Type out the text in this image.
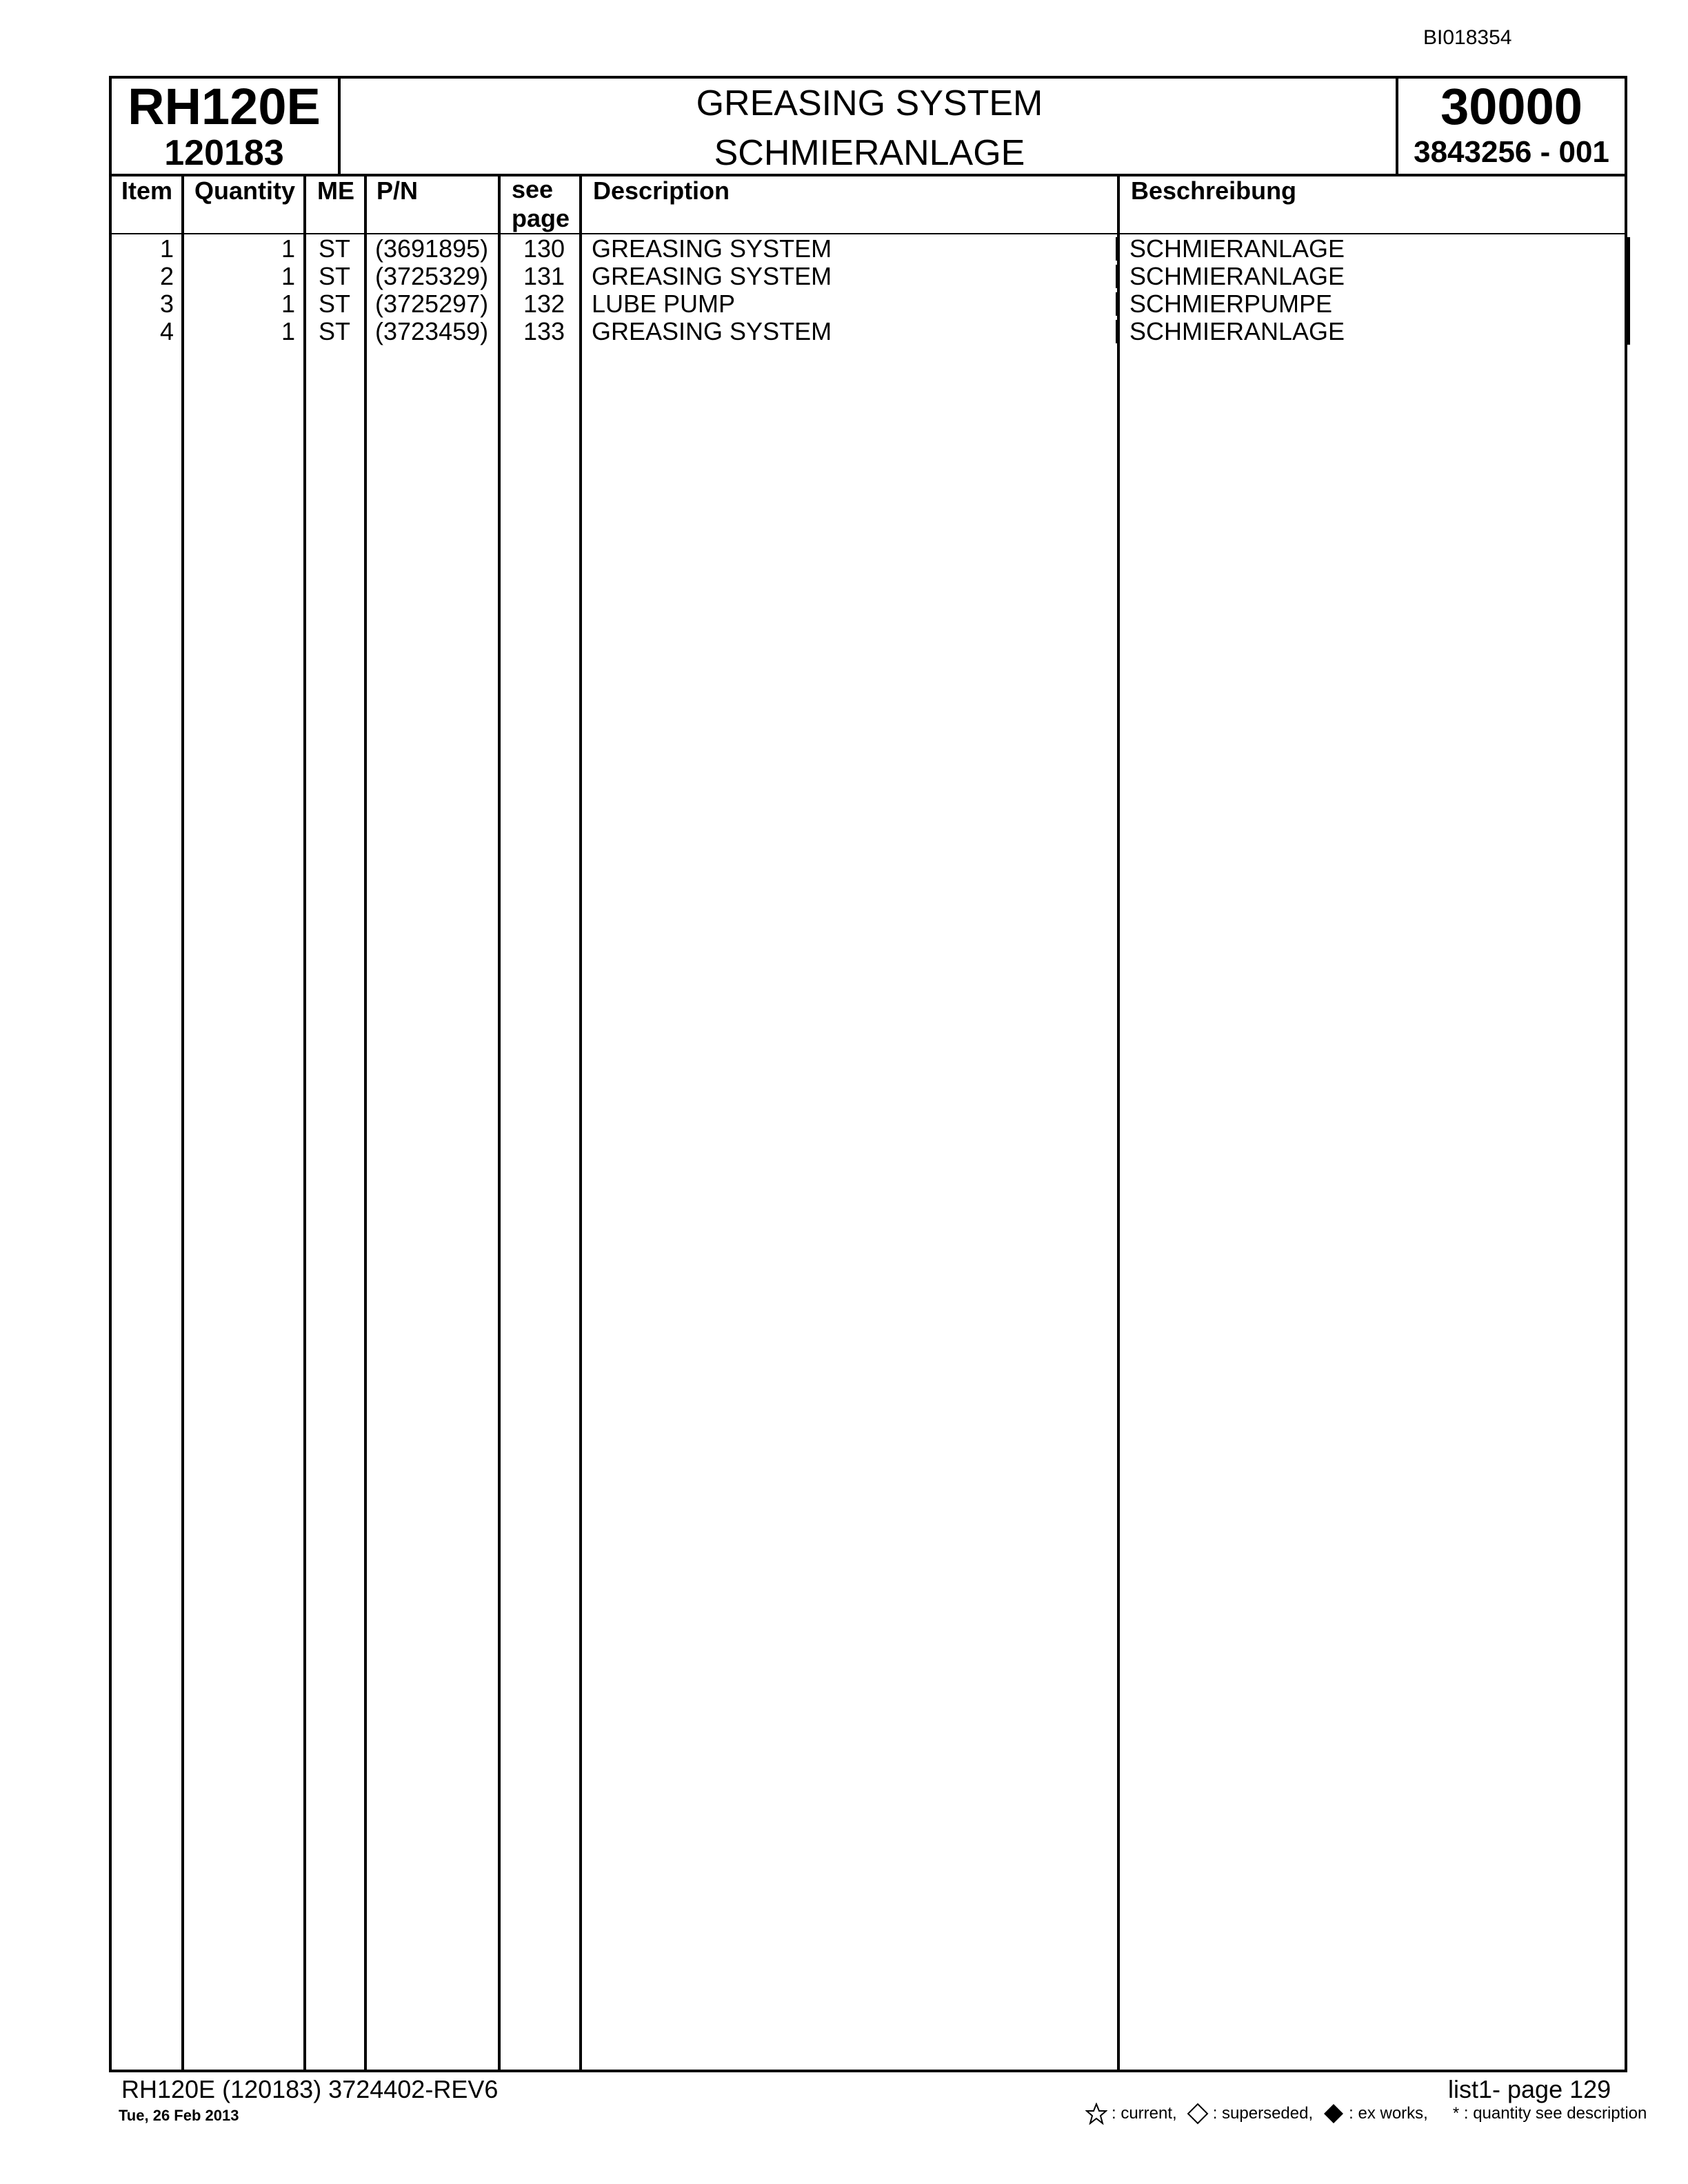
BI018354
RH120E
120183
GREASING SYSTEM
SCHMIERANLAGE
30000
3843256 - 001
Item Quantity ME P/N	see page
Description	Beschreibung
1	1 ST	(3691895)	130	GREASING SYSTEM	SCHMIERANLAGE
2	1 ST	(3725329)	131	GREASING SYSTEM	SCHMIERANLAGE
3	1 ST	(3725297)	132	LUBE PUMP	SCHMIERPUMPE
4	1 ST	(3723459)	133	GREASING SYSTEM	SCHMIERANLAGE
RH120E (120183) 3724402-REV6
Tue, 26 Feb 2013
list1- page 129
: current, : superseded, : ex works, * : quantity see description
